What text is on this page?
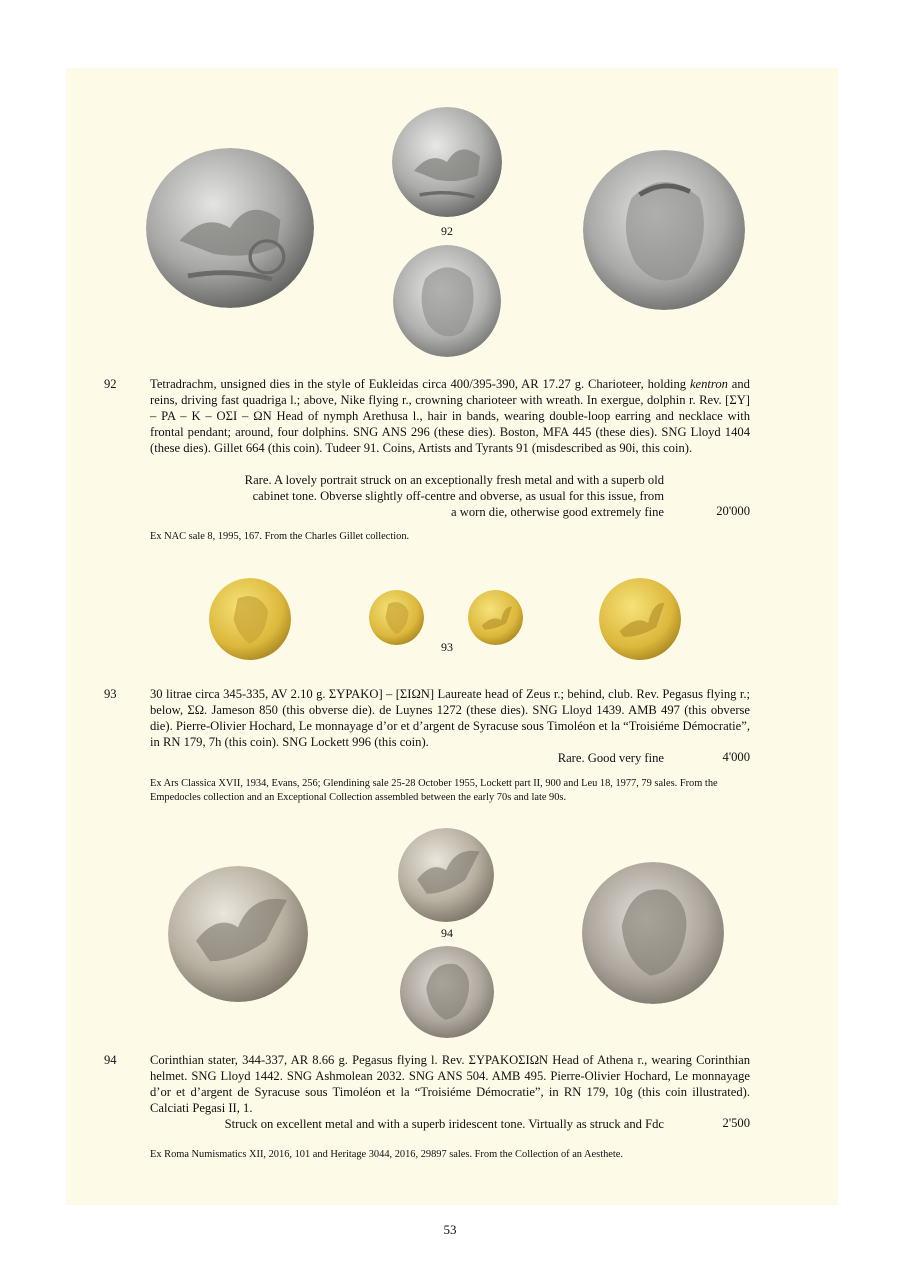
92
92	Tetradrachm, unsigned dies in the style of Eukleidas circa 400/395-390, AR 17.27 g. Charioteer, holding kentron and reins, driving fast quadriga l.; above, Nike flying r., crowning charioteer with wreath. In exergue, dolphin r. Rev. [ΣY] – PA – K – OΣI – ΩN Head of nymph Arethusa l., hair in bands, wearing double-loop earring and necklace with frontal pendant; around, four dolphins. SNG ANS 296 (these dies). Boston, MFA 445 (these dies). SNG Lloyd 1404 (these dies). Gillet 664 (this coin). Tudeer 91. Coins, Artists and Tyrants 91 (misdescribed as 90i, this coin).
Rare. A lovely portrait struck on an exceptionally fresh metal and with a superb old
cabinet tone. Obverse slightly off-centre and obverse, as usual for this issue, from
a worn die, otherwise good extremely fine	20'000
Ex NAC sale 8, 1995, 167. From the Charles Gillet collection.
93
93	30 litrae circa 345-335, AV 2.10 g. ΣYPAKO] – [ΣIΩN] Laureate head of Zeus r.; behind, club. Rev. Pegasus flying r.; below, ΣΩ. Jameson 850 (this obverse die). de Luynes 1272 (these dies). SNG Lloyd 1439. AMB 497 (this obverse die). Pierre-Olivier Hochard, Le monnayage d’or et d’argent de Syracuse sous Timoléon et la “Troisiéme Démocratie”, in RN 179, 7h (this coin). SNG Lockett 996 (this coin).
Rare. Good very fine	4'000
Ex Ars Classica XVII, 1934, Evans, 256; Glendining sale 25-28 October 1955, Lockett part II, 900 and Leu 18, 1977, 79 sales. From the Empedocles collection and an Exceptional Collection assembled between the early 70s and late 90s.
94
94	Corinthian stater, 344-337, AR 8.66 g. Pegasus flying l. Rev. ΣYPAKOΣIΩN Head of Athena r., wearing Corinthian helmet. SNG Lloyd 1442. SNG Ashmolean 2032. SNG ANS 504. AMB 495. Pierre-Olivier Hochard, Le monnayage d’or et d’argent de Syracuse sous Timoléon et la “Troisiéme Démocratie”, in RN 179, 10g (this coin illustrated). Calciati Pegasi II, 1.
Struck on excellent metal and with a superb iridescent tone. Virtually as struck and Fdc	2'500
Ex Roma Numismatics XII, 2016, 101 and Heritage 3044, 2016, 29897 sales. From the Collection of an Aesthete.
53
